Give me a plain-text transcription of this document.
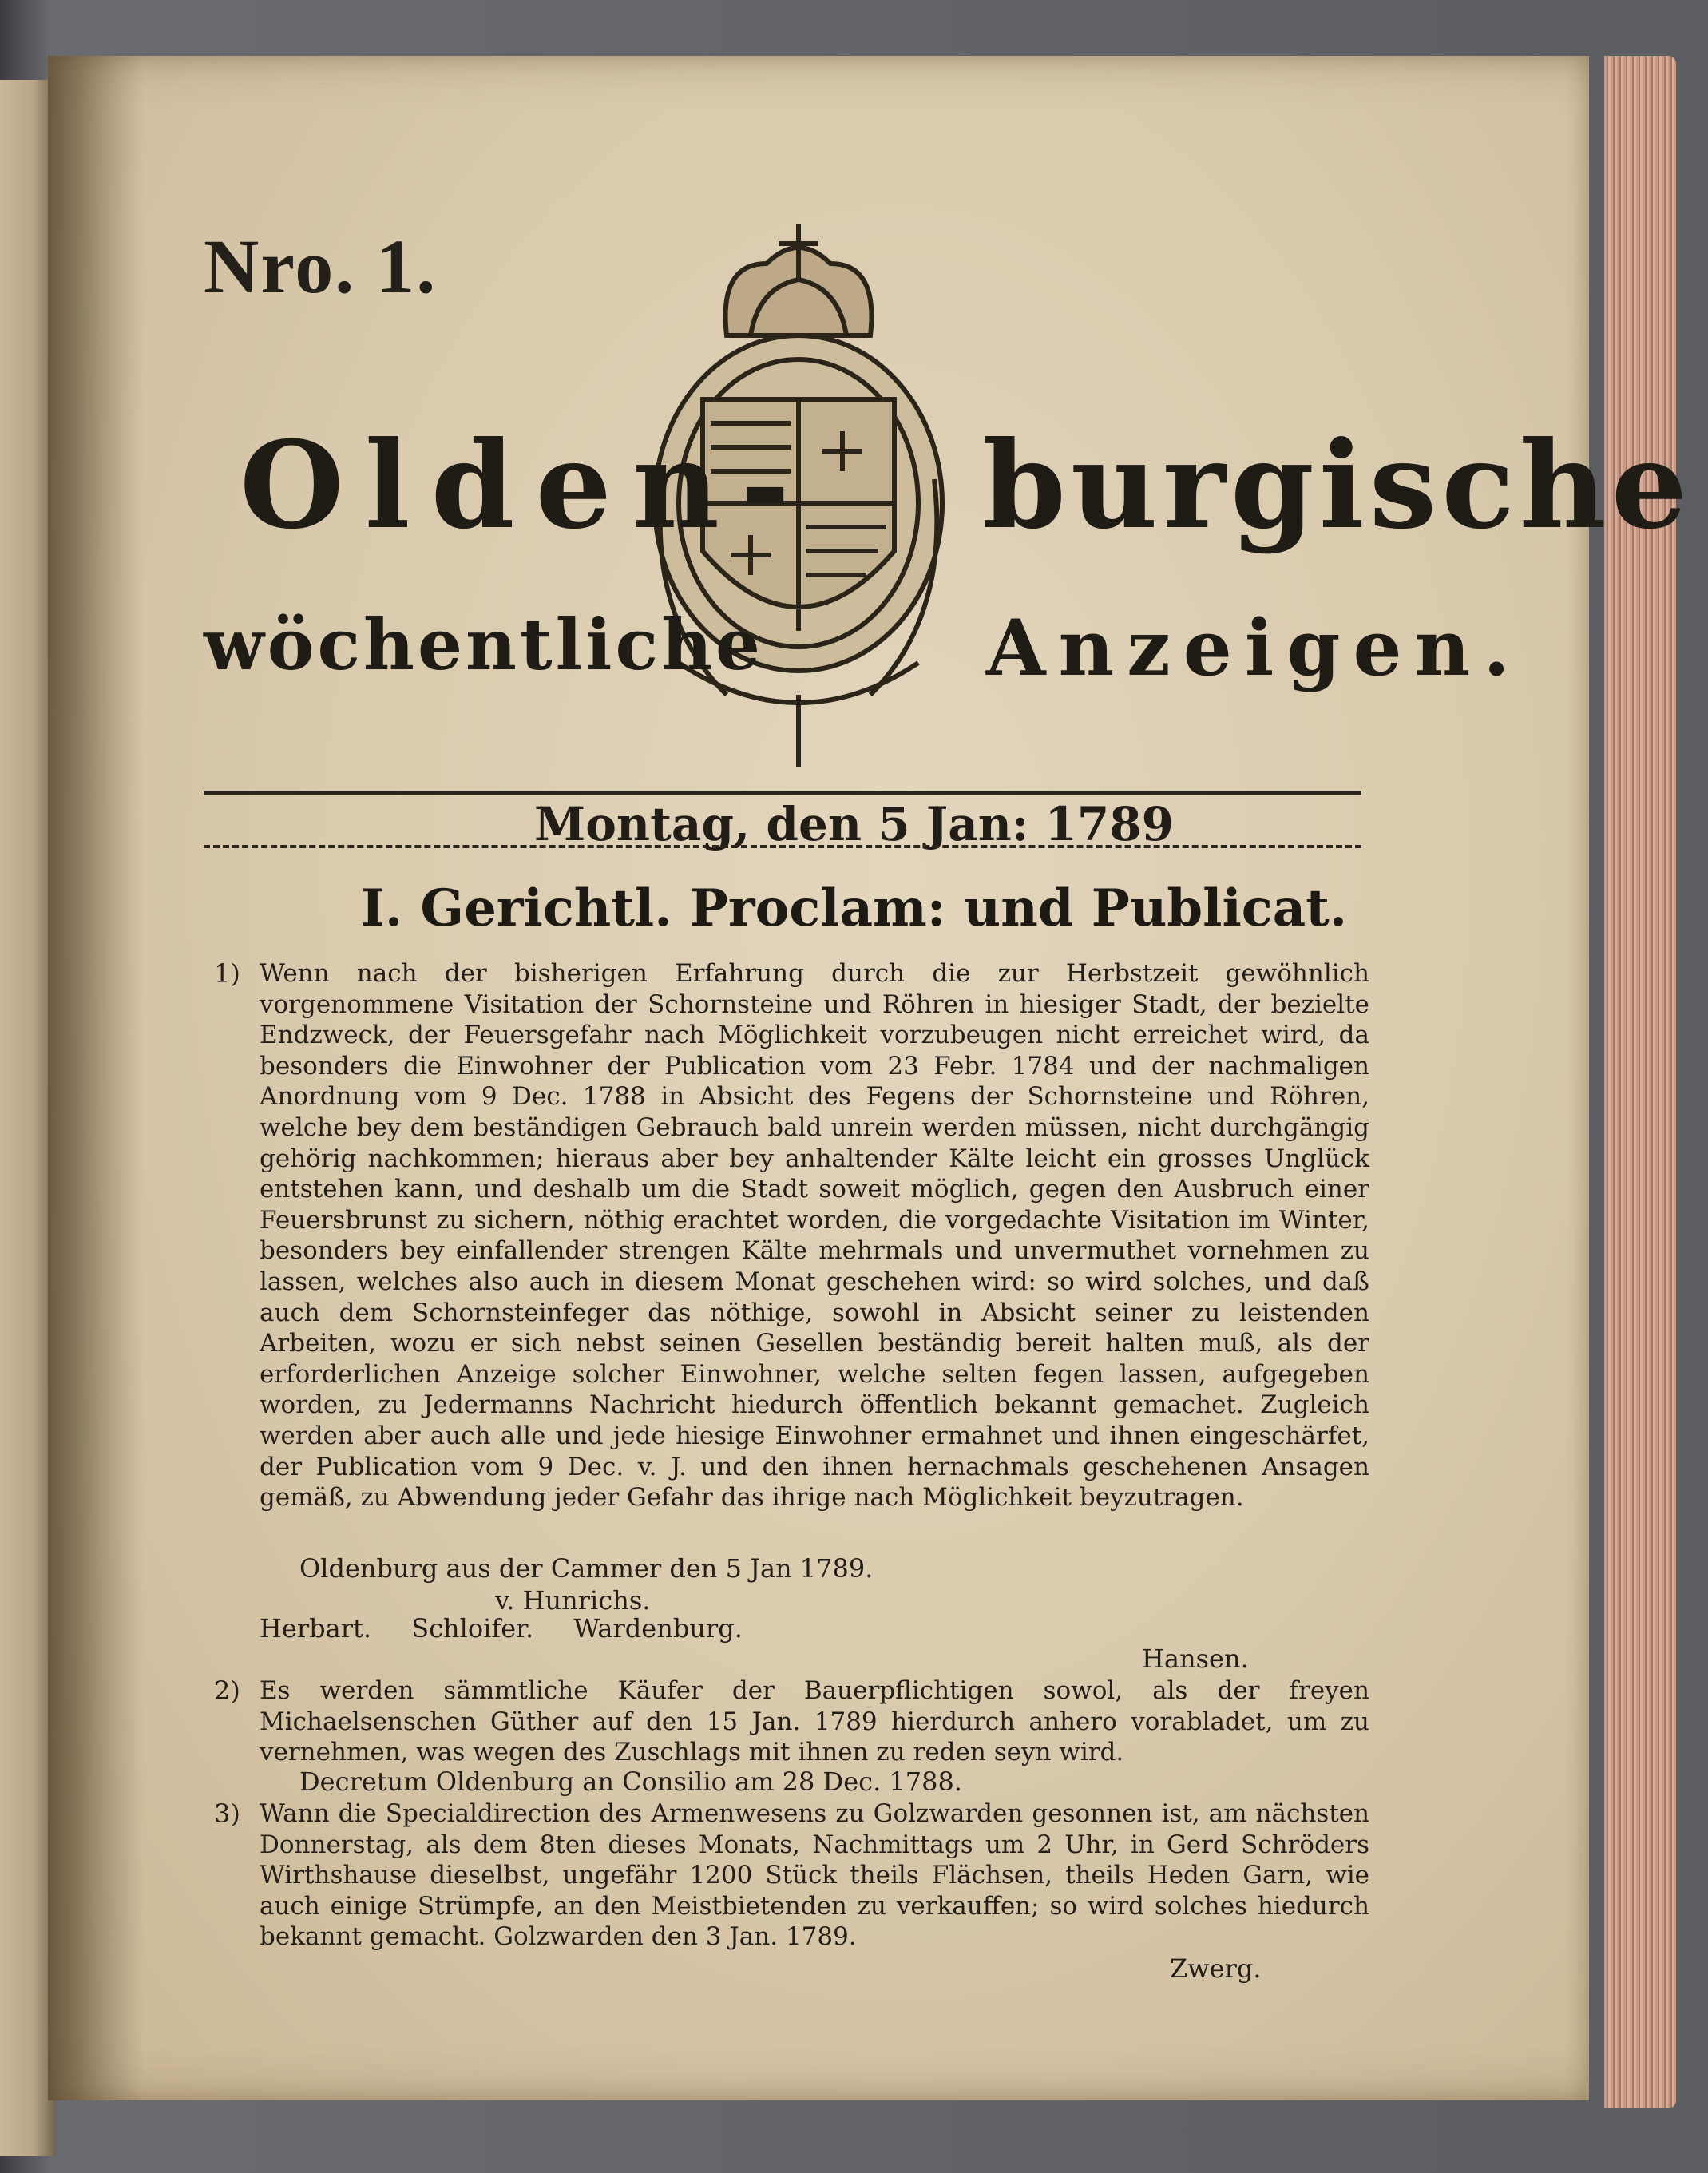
Nro. 1.
Olden- burgische
wöchentliche	Anzeigen.
Montag, den 5 Jan: 1789
I. Gerichtl. Proclam: und Publicat.
1) Wenn nach der bisherigen Erfahrung durch die zur Herbstzeit gewöhnlich vorgenommene Visitation der Schornsteine und Röhren in hiesiger Stadt, der bezielte Endzweck, der Feuersgefahr nach Möglichkeit vorzubeugen nicht erreichet wird, da besonders die Einwohner der Publication vom 23 Febr. 1784 und der nachmaligen Anordnung vom 9 Dec. 1788 in Absicht des Fegens der Schornsteine und Röhren, welche bey dem beständigen Gebrauch bald unrein werden müssen, nicht durchgängig gehörig nachkommen; hieraus aber bey anhaltender Kälte leicht ein grosses Unglück entstehen kann, und deshalb um die Stadt soweit möglich, gegen den Ausbruch einer Feuersbrunst zu sichern, nöthig erachtet worden, die vorgedachte Visitation im Winter, besonders bey einfallender strengen Kälte mehrmals und unvermuthet vornehmen zu lassen, welches also auch in diesem Monat geschehen wird: so wird solches, und daß auch dem Schornsteinfeger das nöthige, sowohl in Absicht seiner zu leistenden Arbeiten, wozu er sich nebst seinen Gesellen beständig bereit halten muß, als der erforderlichen Anzeige solcher Einwohner, welche selten fegen lassen, aufgegeben worden, zu Jedermanns Nachricht hiedurch öffentlich bekannt gemachet. Zugleich werden aber auch alle und jede hiesige Einwohner ermahnet und ihnen eingeschärfet, der Publication vom 9 Dec. v. J. und den ihnen hernachmals geschehenen Ansagen gemäß, zu Abwendung jeder Gefahr das ihrige nach Möglichkeit beyzutragen.
Oldenburg aus der Cammer den 5 Jan 1789.
v. Hunrichs.
Herbart. Schloifer. Wardenburg.
Hansen.
2) Es werden sämmtliche Käufer der Bauerpflichtigen sowol, als der freyen Michaelsenschen Güther auf den 15 Jan. 1789 hierdurch anhero vorabladet, um zu vernehmen, was wegen des Zuschlags mit ihnen zu reden seyn wird.
Decretum Oldenburg an Consilio am 28 Dec. 1788.
3) Wann die Specialdirection des Armenwesens zu Golzwarden gesonnen ist, am nächsten Donnerstag, als dem 8ten dieses Monats, Nachmittags um 2 Uhr, in Gerd Schröders Wirthshause dieselbst, ungefähr 1200 Stück theils Flächsen, theils Heden Garn, wie auch einige Strümpfe, an den Meistbietenden zu verkauffen; so wird solches hiedurch bekannt gemacht. Golzwarden den 3 Jan. 1789.
Zwerg.
